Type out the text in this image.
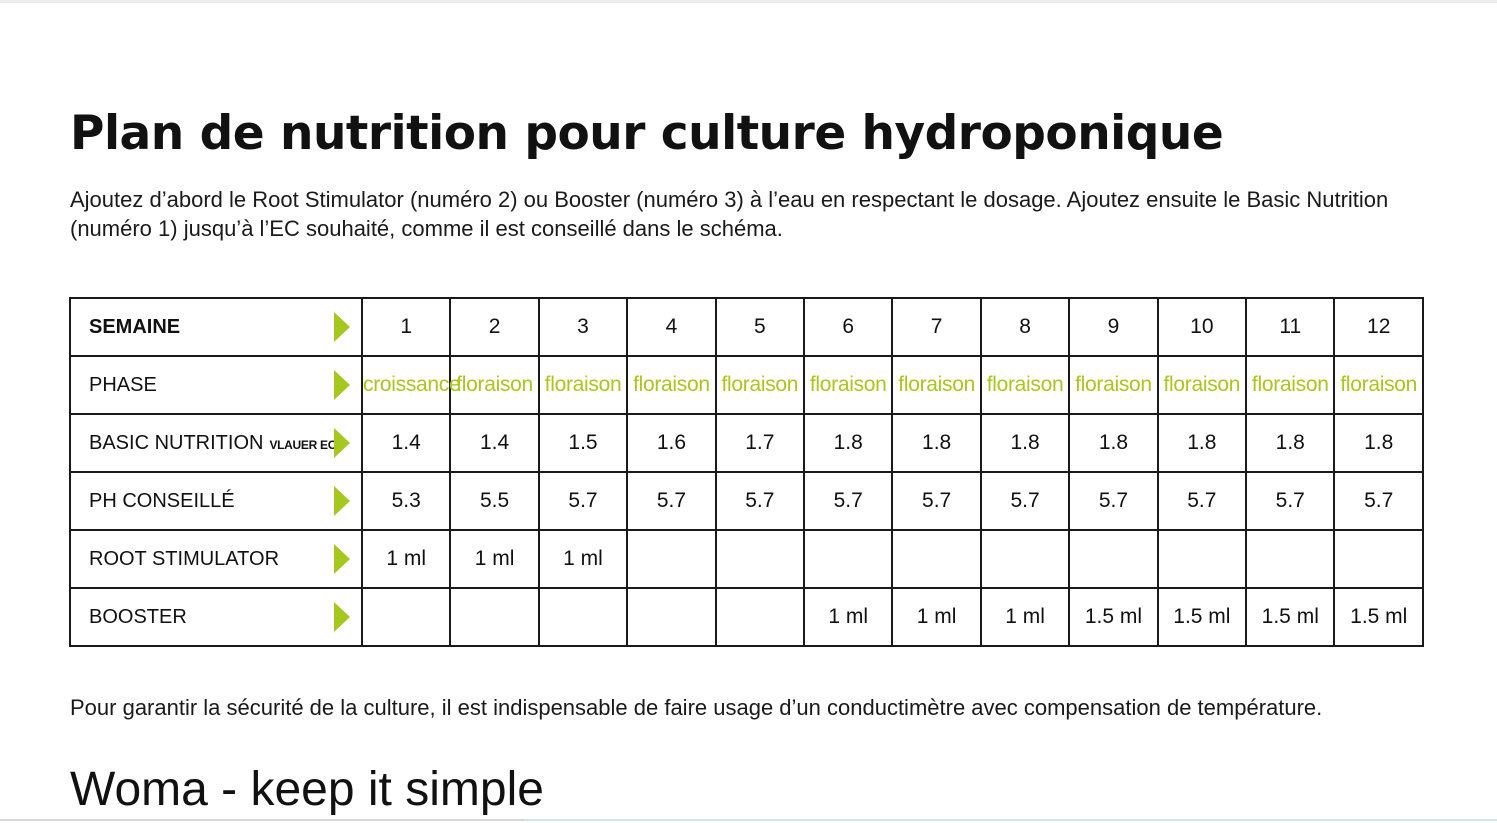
Plan de nutrition pour culture hydroponique

Ajoutez d’abord le Root Stimulator (numéro 2) ou Booster (numéro 3) à l’eau en respectant le dosage. Ajoutez ensuite le Basic Nutrition (numéro 1) jusqu’à l’EC souhaité, comme il est conseillé dans le schéma.

SEMAINE	1	2	3	4	5	6	7	8	9	10	11	12
PHASE	croissance	floraison	floraison	floraison	floraison	floraison	floraison	floraison	floraison	floraison	floraison	floraison
BASIC NUTRITION VLAUER EC	1.4	1.4	1.5	1.6	1.7	1.8	1.8	1.8	1.8	1.8	1.8	1.8
PH CONSEILLÉ	5.3	5.5	5.7	5.7	5.7	5.7	5.7	5.7	5.7	5.7	5.7	5.7
ROOT STIMULATOR	1 ml	1 ml	1 ml									
BOOSTER						1 ml	1 ml	1 ml	1.5 ml	1.5 ml	1.5 ml	1.5 ml

Pour garantir la sécurité de la culture, il est indispensable de faire usage d’un conductimètre avec compensation de température.

Woma - keep it simple
